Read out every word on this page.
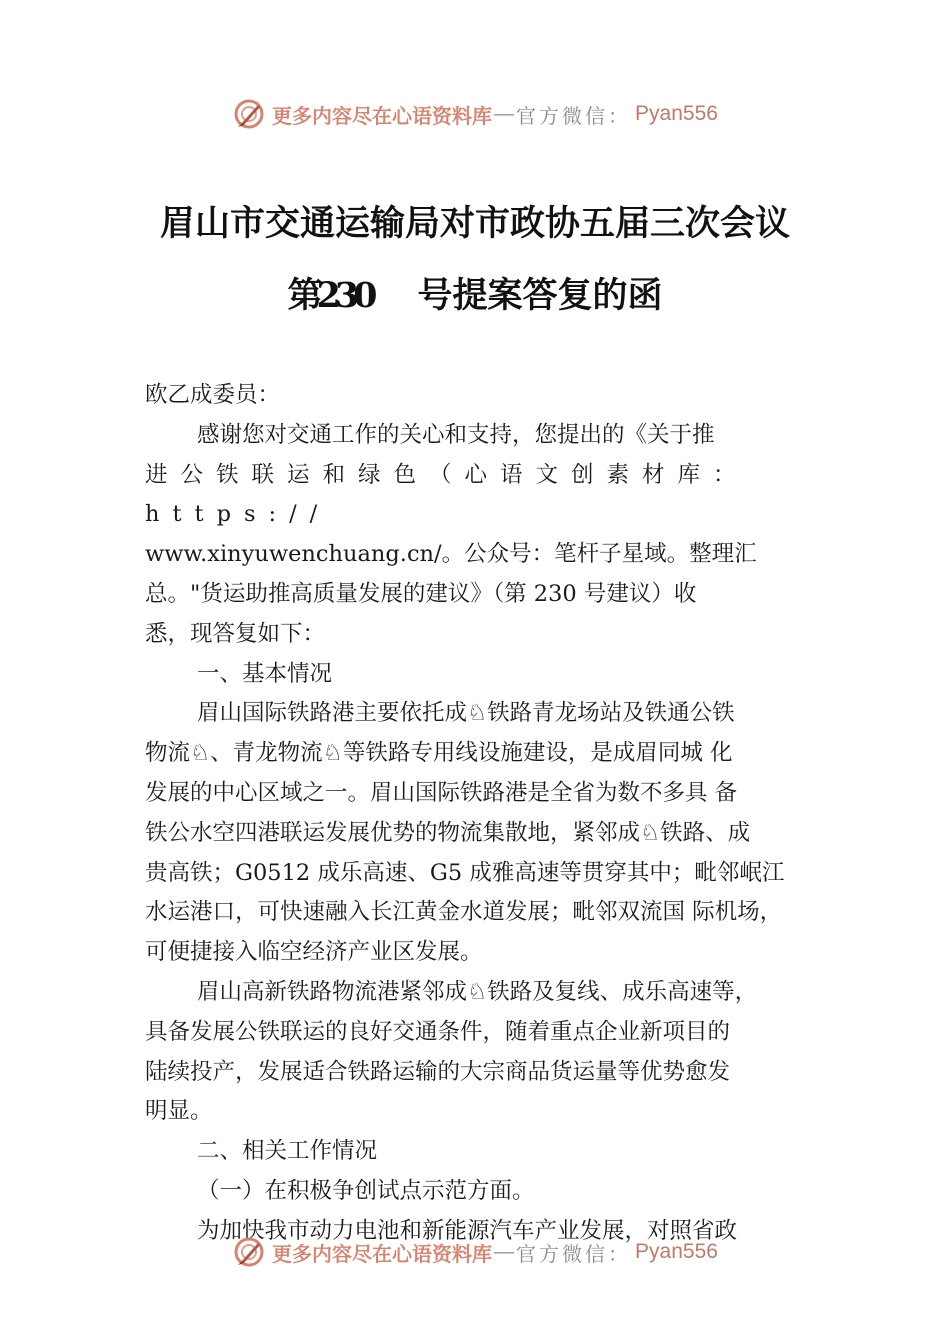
更多内容尽在心语资料库 — 官方微信： Pyan556
眉山市交通运输局对市政协五届三次会议
第230 号提案答复的函

欧乙成委员：

感谢您对交通工作的关心和支持，您提出的《关于推

进公铁联运和绿色（心语文创素材库：https://

www.xinyuwenchuang.cn/。公众号：笔杆子星域。整理汇

总。"货运助推高质量发展的建议》（第 230 号建议）收

悉，现答复如下：

一、基本情况

眉山国际铁路港主要依托成♘铁路青龙场站及铁通公铁

物流♘、青龙物流♘等铁路专用线设施建设，是成眉同城 化

发展的中心区域之一。眉山国际铁路港是全省为数不多具 备

铁公水空四港联运发展优势的物流集散地，紧邻成♘铁路、成

贵高铁；G0512 成乐高速、G5 成雅高速等贯穿其中；毗邻岷江

水运港口，可快速融入长江黄金水道发展；毗邻双流国 际机场，

可便捷接入临空经济产业区发展。

眉山高新铁路物流港紧邻成♘铁路及复线、成乐高速等，

具备发展公铁联运的良好交通条件，随着重点企业新项目的

陆续投产，发展适合铁路运输的大宗商品货运量等优势愈发

明显。

二、相关工作情况

（一）在积极争创试点示范方面。

为加快我市动力电池和新能源汽车产业发展，对照省政

更多内容尽在心语资料库 — 官方微信： Pyan556
